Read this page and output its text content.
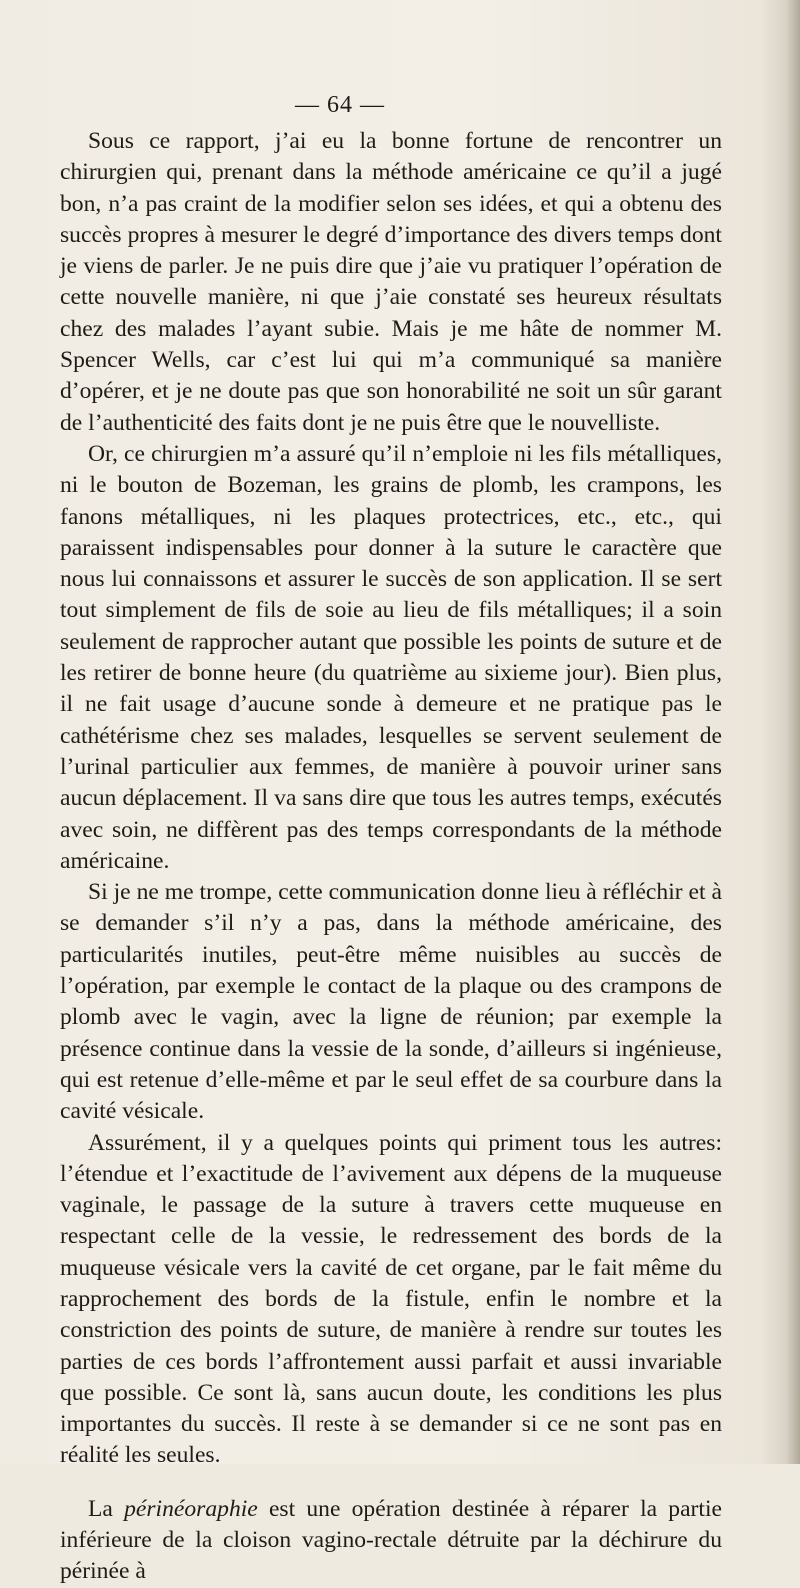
— 64 —

Sous ce rapport, j’ai eu la bonne fortune de rencontrer un chirurgien qui, prenant dans la méthode américaine ce qu’il a jugé bon, n’a pas craint de la modifier selon ses idées, et qui a obtenu des succès propres à mesurer le degré d’importance des divers temps dont je viens de parler. Je ne puis dire que j’aie vu pratiquer l’opération de cette nouvelle manière, ni que j’aie constaté ses heureux résultats chez des malades l’ayant subie. Mais je me hâte de nommer M. Spencer Wells, car c’est lui qui m’a communiqué sa manière d’opérer, et je ne doute pas que son honorabilité ne soit un sûr garant de l’authenticité des faits dont je ne puis être que le nouvelliste.

Or, ce chirurgien m’a assuré qu’il n’emploie ni les fils métalliques, ni le bouton de Bozeman, les grains de plomb, les crampons, les fanons métalliques, ni les plaques protectrices, etc., etc., qui paraissent indispensables pour donner à la suture le caractère que nous lui connaissons et assurer le succès de son application. Il se sert tout simplement de fils de soie au lieu de fils métalliques; il a soin seulement de rapprocher autant que possible les points de suture et de les retirer de bonne heure (du quatrième au sixieme jour). Bien plus, il ne fait usage d’aucune sonde à demeure et ne pratique pas le cathétérisme chez ses malades, lesquelles se servent seulement de l’urinal particulier aux femmes, de manière à pouvoir uriner sans aucun déplacement. Il va sans dire que tous les autres temps, exécutés avec soin, ne diffèrent pas des temps correspondants de la méthode américaine.

Si je ne me trompe, cette communication donne lieu à réfléchir et à se demander s’il n’y a pas, dans la méthode américaine, des particularités inutiles, peut-être même nuisibles au succès de l’opération, par exemple le contact de la plaque ou des crampons de plomb avec le vagin, avec la ligne de réunion; par exemple la présence continue dans la vessie de la sonde, d’ailleurs si ingénieuse, qui est retenue d’elle-même et par le seul effet de sa courbure dans la cavité vésicale.

Assurément, il y a quelques points qui priment tous les autres: l’étendue et l’exactitude de l’avivement aux dépens de la muqueuse vaginale, le passage de la suture à travers cette muqueuse en respectant celle de la vessie, le redressement des bords de la muqueuse vésicale vers la cavité de cet organe, par le fait même du rapprochement des bords de la fistule, enfin le nombre et la constriction des points de suture, de manière à rendre sur toutes les parties de ces bords l’affrontement aussi parfait et aussi invariable que possible. Ce sont là, sans aucun doute, les conditions les plus importantes du succès. Il reste à se demander si ce ne sont pas en réalité les seules.

La périnéoraphie est une opération destinée à réparer la partie inférieure de la cloison vagino-rectale détruite par la déchirure du périnée à
